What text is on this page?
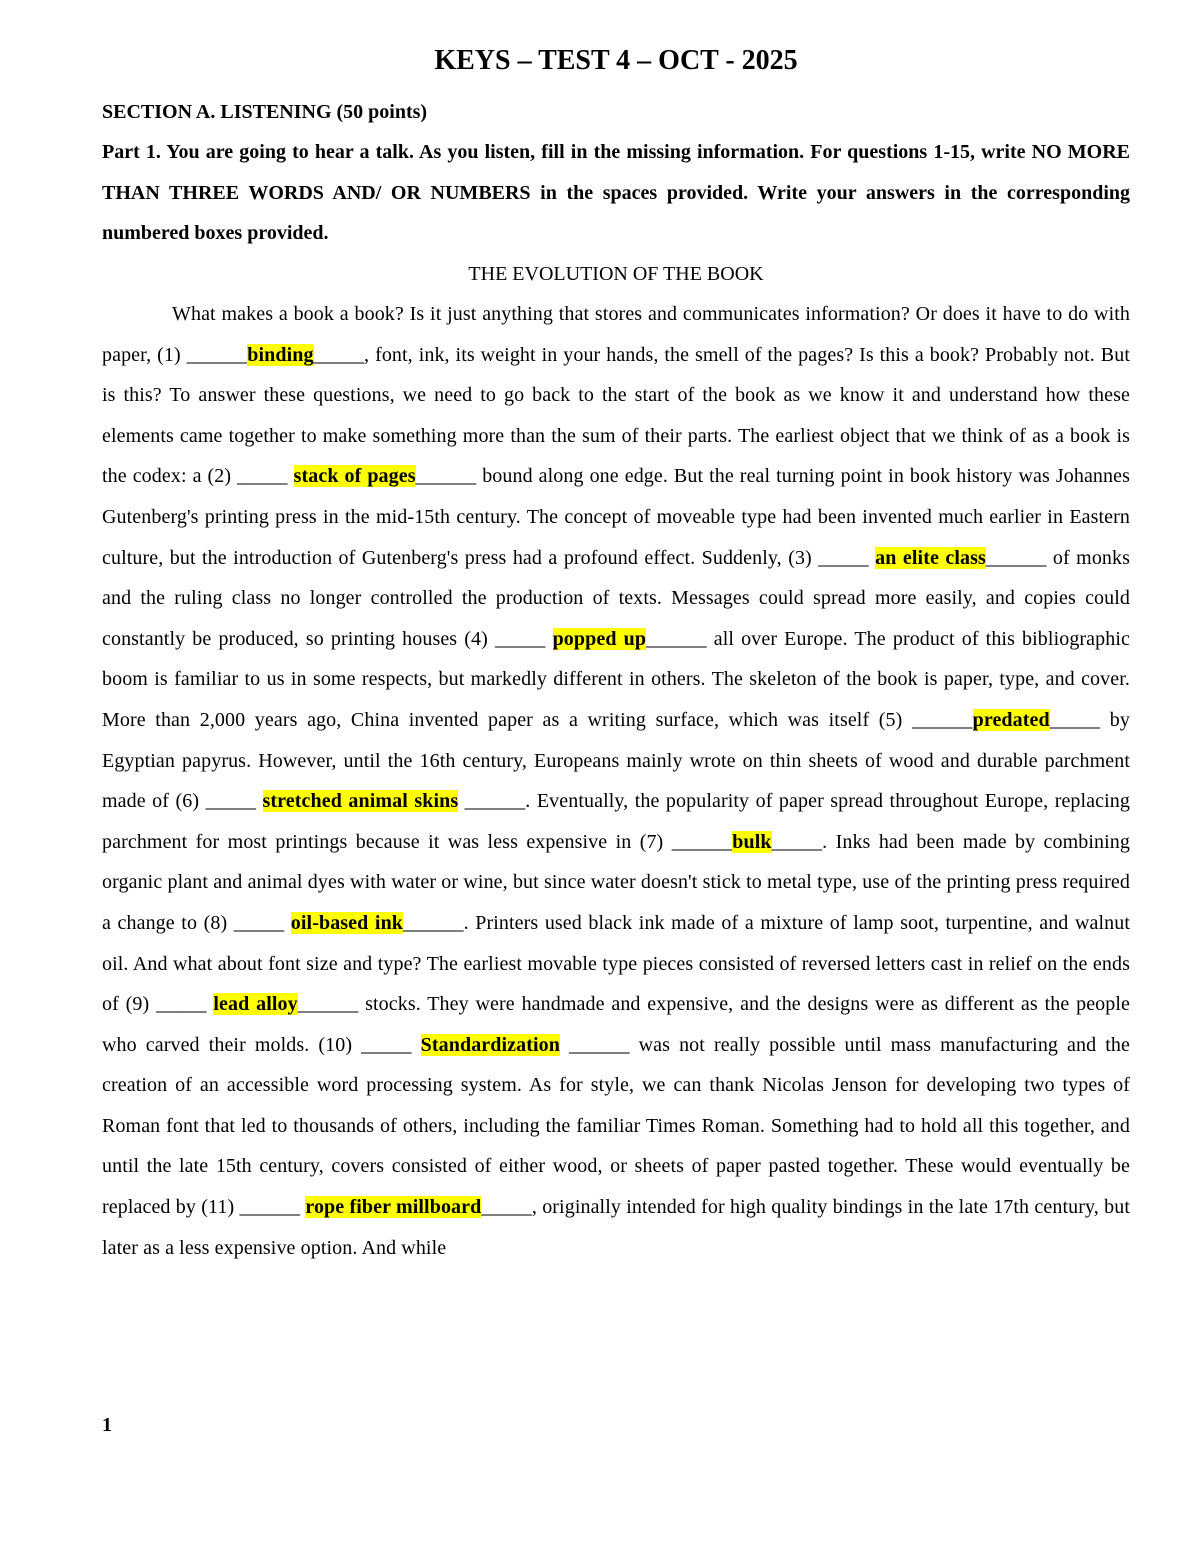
KEYS – TEST 4 – OCT - 2025

SECTION A. LISTENING (50 points)

Part 1. You are going to hear a talk. As you listen, fill in the missing information. For questions 1-15, write NO MORE THAN THREE WORDS AND/ OR NUMBERS in the spaces provided. Write your answers in the corresponding numbered boxes provided.

THE EVOLUTION OF THE BOOK

What makes a book a book? Is it just anything that stores and communicates information? Or does it have to do with paper, (1) ______binding_____, font, ink, its weight in your hands, the smell of the pages? Is this a book? Probably not. But is this? To answer these questions, we need to go back to the start of the book as we know it and understand how these elements came together to make something more than the sum of their parts. The earliest object that we think of as a book is the codex: a (2) _____ stack of pages______ bound along one edge. But the real turning point in book history was Johannes Gutenberg's printing press in the mid-15th century. The concept of moveable type had been invented much earlier in Eastern culture, but the introduction of Gutenberg's press had a profound effect. Suddenly, (3) _____ an elite class______ of monks and the ruling class no longer controlled the production of texts. Messages could spread more easily, and copies could constantly be produced, so printing houses (4) _____ popped up______ all over Europe. The product of this bibliographic boom is familiar to us in some respects, but markedly different in others. The skeleton of the book is paper, type, and cover. More than 2,000 years ago, China invented paper as a writing surface, which was itself (5) ______predated_____ by Egyptian papyrus. However, until the 16th century, Europeans mainly wrote on thin sheets of wood and durable parchment made of (6) _____ stretched animal skins ______. Eventually, the popularity of paper spread throughout Europe, replacing parchment for most printings because it was less expensive in (7) ______bulk_____. Inks had been made by combining organic plant and animal dyes with water or wine, but since water doesn't stick to metal type, use of the printing press required a change to (8) _____ oil-based ink______. Printers used black ink made of a mixture of lamp soot, turpentine, and walnut oil. And what about font size and type? The earliest movable type pieces consisted of reversed letters cast in relief on the ends of (9) _____ lead alloy______ stocks. They were handmade and expensive, and the designs were as different as the people who carved their molds. (10) _____ Standardization ______ was not really possible until mass manufacturing and the creation of an accessible word processing system. As for style, we can thank Nicolas Jenson for developing two types of Roman font that led to thousands of others, including the familiar Times Roman. Something had to hold all this together, and until the late 15th century, covers consisted of either wood, or sheets of paper pasted together. These would eventually be replaced by (11) ______ rope fiber millboard_____, originally intended for high quality bindings in the late 17th century, but later as a less expensive option. And while

1
